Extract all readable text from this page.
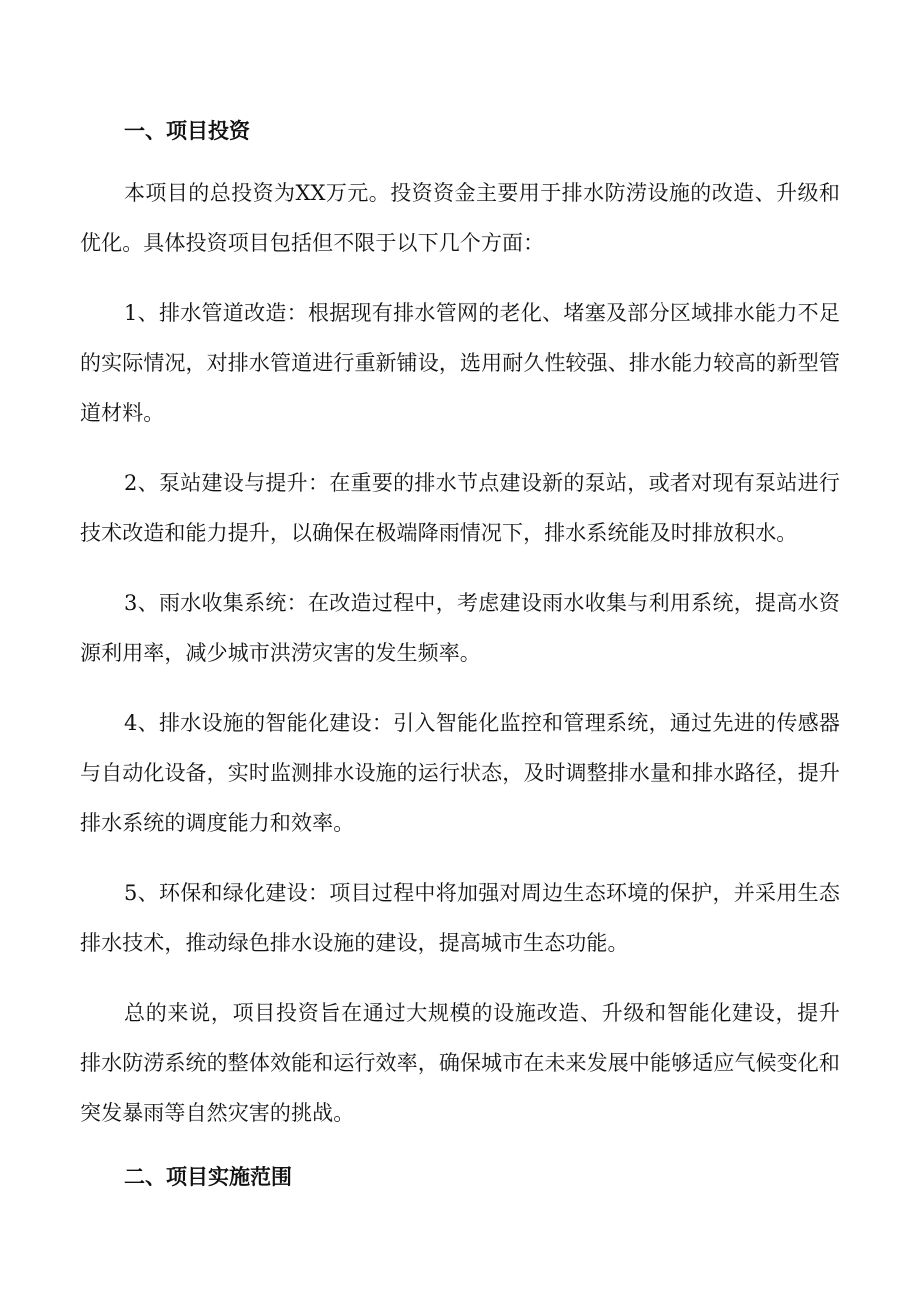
一、项目投资

本项目的总投资为XX万元。投资资金主要用于排水防涝设施的改造、升级和优化。具体投资项目包括但不限于以下几个方面：

1、排水管道改造：根据现有排水管网的老化、堵塞及部分区域排水能力不足的实际情况，对排水管道进行重新铺设，选用耐久性较强、排水能力较高的新型管道材料。

2、泵站建设与提升：在重要的排水节点建设新的泵站，或者对现有泵站进行技术改造和能力提升，以确保在极端降雨情况下，排水系统能及时排放积水。

3、雨水收集系统：在改造过程中，考虑建设雨水收集与利用系统，提高水资源利用率，减少城市洪涝灾害的发生频率。

4、排水设施的智能化建设：引入智能化监控和管理系统，通过先进的传感器与自动化设备，实时监测排水设施的运行状态，及时调整排水量和排水路径，提升排水系统的调度能力和效率。

5、环保和绿化建设：项目过程中将加强对周边生态环境的保护，并采用生态排水技术，推动绿色排水设施的建设，提高城市生态功能。

总的来说，项目投资旨在通过大规模的设施改造、升级和智能化建设，提升排水防涝系统的整体效能和运行效率，确保城市在未来发展中能够适应气候变化和突发暴雨等自然灾害的挑战。

二、项目实施范围
